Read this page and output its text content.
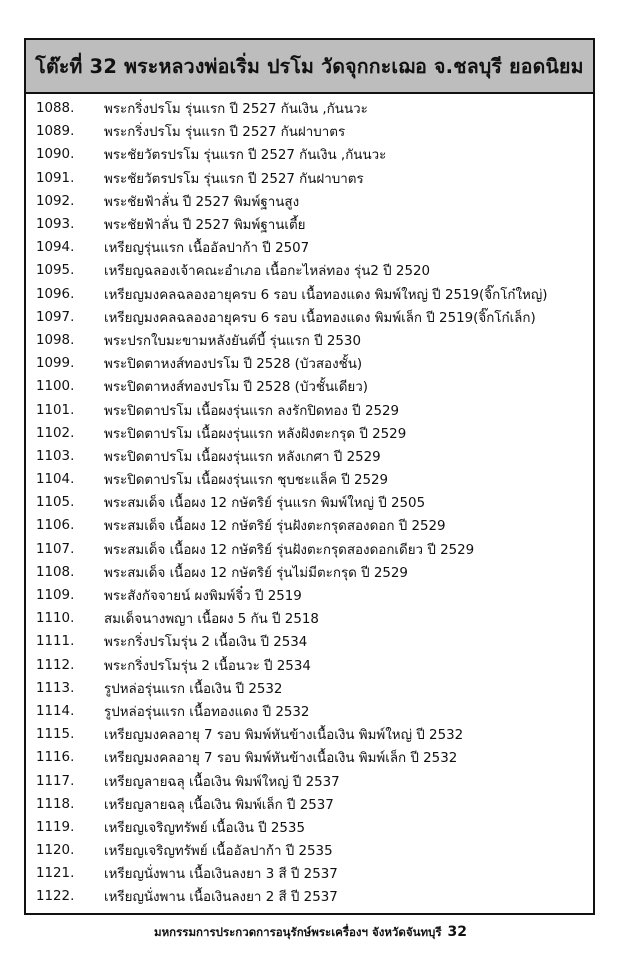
โต๊ะที่ 32 พระหลวงพ่อเริ่ม ปรโม วัดจุกกะเฌอ จ.ชลบุรี ยอดนิยม
1088.	พระกริ่งปรโม รุ่นแรก ปี 2527 กันเงิน ,กันนวะ
1089.	พระกริ่งปรโม รุ่นแรก ปี 2527 กันฝาบาตร
1090.	พระชัยวัตรปรโม รุ่นแรก ปี 2527 กันเงิน ,กันนวะ
1091.	พระชัยวัตรปรโม รุ่นแรก ปี 2527 กันฝาบาตร
1092.	พระชัยฟ้าลั่น ปี 2527 พิมพ์ฐานสูง
1093.	พระชัยฟ้าลั่น ปี 2527 พิมพ์ฐานเตี้ย
1094.	เหรียญรุ่นแรก เนื้ออัลปาก้า ปี 2507
1095.	เหรียญฉลองเจ้าคณะอำเภอ เนื้อกะไหล่ทอง รุ่น2 ปี 2520
1096.	เหรียญมงคลฉลองอายุครบ 6 รอบ เนื้อทองแดง พิมพ์ใหญ่ ปี 2519(จิ๊กโก๋ใหญ่)
1097.	เหรียญมงคลฉลองอายุครบ 6 รอบ เนื้อทองแดง พิมพ์เล็ก ปี 2519(จิ๊กโก๋เล็ก)
1098.	พระปรกใบมะขามหลังยันต์บี้ รุ่นแรก ปี 2530
1099.	พระปิดตาหงส์ทองปรโม ปี 2528 (บัวสองชั้น)
1100.	พระปิดตาหงส์ทองปรโม ปี 2528 (บัวชั้นเดียว)
1101.	พระปิดตาปรโม เนื้อผงรุ่นแรก ลงรักปิดทอง ปี 2529
1102.	พระปิดตาปรโม เนื้อผงรุ่นแรก หลังฝังตะกรุด ปี 2529
1103.	พระปิดตาปรโม เนื้อผงรุ่นแรก หลังเกศา ปี 2529
1104.	พระปิดตาปรโม เนื้อผงรุ่นแรก ชุบชะแล็ค ปี 2529
1105.	พระสมเด็จ เนื้อผง 12 กษัตริย์ รุ่นแรก พิมพ์ใหญ่ ปี 2505
1106.	พระสมเด็จ เนื้อผง 12 กษัตริย์ รุ่นฝังตะกรุดสองดอก ปี 2529
1107.	พระสมเด็จ เนื้อผง 12 กษัตริย์ รุ่นฝังตะกรุดสองดอกเดียว ปี 2529
1108.	พระสมเด็จ เนื้อผง 12 กษัตริย์ รุ่นไม่มีตะกรุด ปี 2529
1109.	พระสังกัจจายน์ ผงพิมพ์จิ๋ว ปี 2519
1110.	สมเด็จนางพญา เนื้อผง 5 กัน ปี 2518
1111.	พระกริ่งปรโมรุ่น 2 เนื้อเงิน ปี 2534
1112.	พระกริ่งปรโมรุ่น 2 เนื้อนวะ ปี 2534
1113.	รูปหล่อรุ่นแรก เนื้อเงิน ปี 2532
1114.	รูปหล่อรุ่นแรก เนื้อทองแดง ปี 2532
1115.	เหรียญมงคลอายุ 7 รอบ พิมพ์หันข้างเนื้อเงิน พิมพ์ใหญ่ ปี 2532
1116.	เหรียญมงคลอายุ 7 รอบ พิมพ์หันข้างเนื้อเงิน พิมพ์เล็ก ปี 2532
1117.	เหรียญลายฉลุ เนื้อเงิน พิมพ์ใหญ่ ปี 2537
1118.	เหรียญลายฉลุ เนื้อเงิน พิมพ์เล็ก ปี 2537
1119.	เหรียญเจริญทรัพย์ เนื้อเงิน ปี 2535
1120.	เหรียญเจริญทรัพย์ เนื้ออัลปาก้า ปี 2535
1121.	เหรียญนั่งพาน เนื้อเงินลงยา 3 สี ปี 2537
1122.	เหรียญนั่งพาน เนื้อเงินลงยา 2 สี ปี 2537
มหกรรมการประกวดการอนุรักษ์พระเครื่องฯ จังหวัดจันทบุรี 32
